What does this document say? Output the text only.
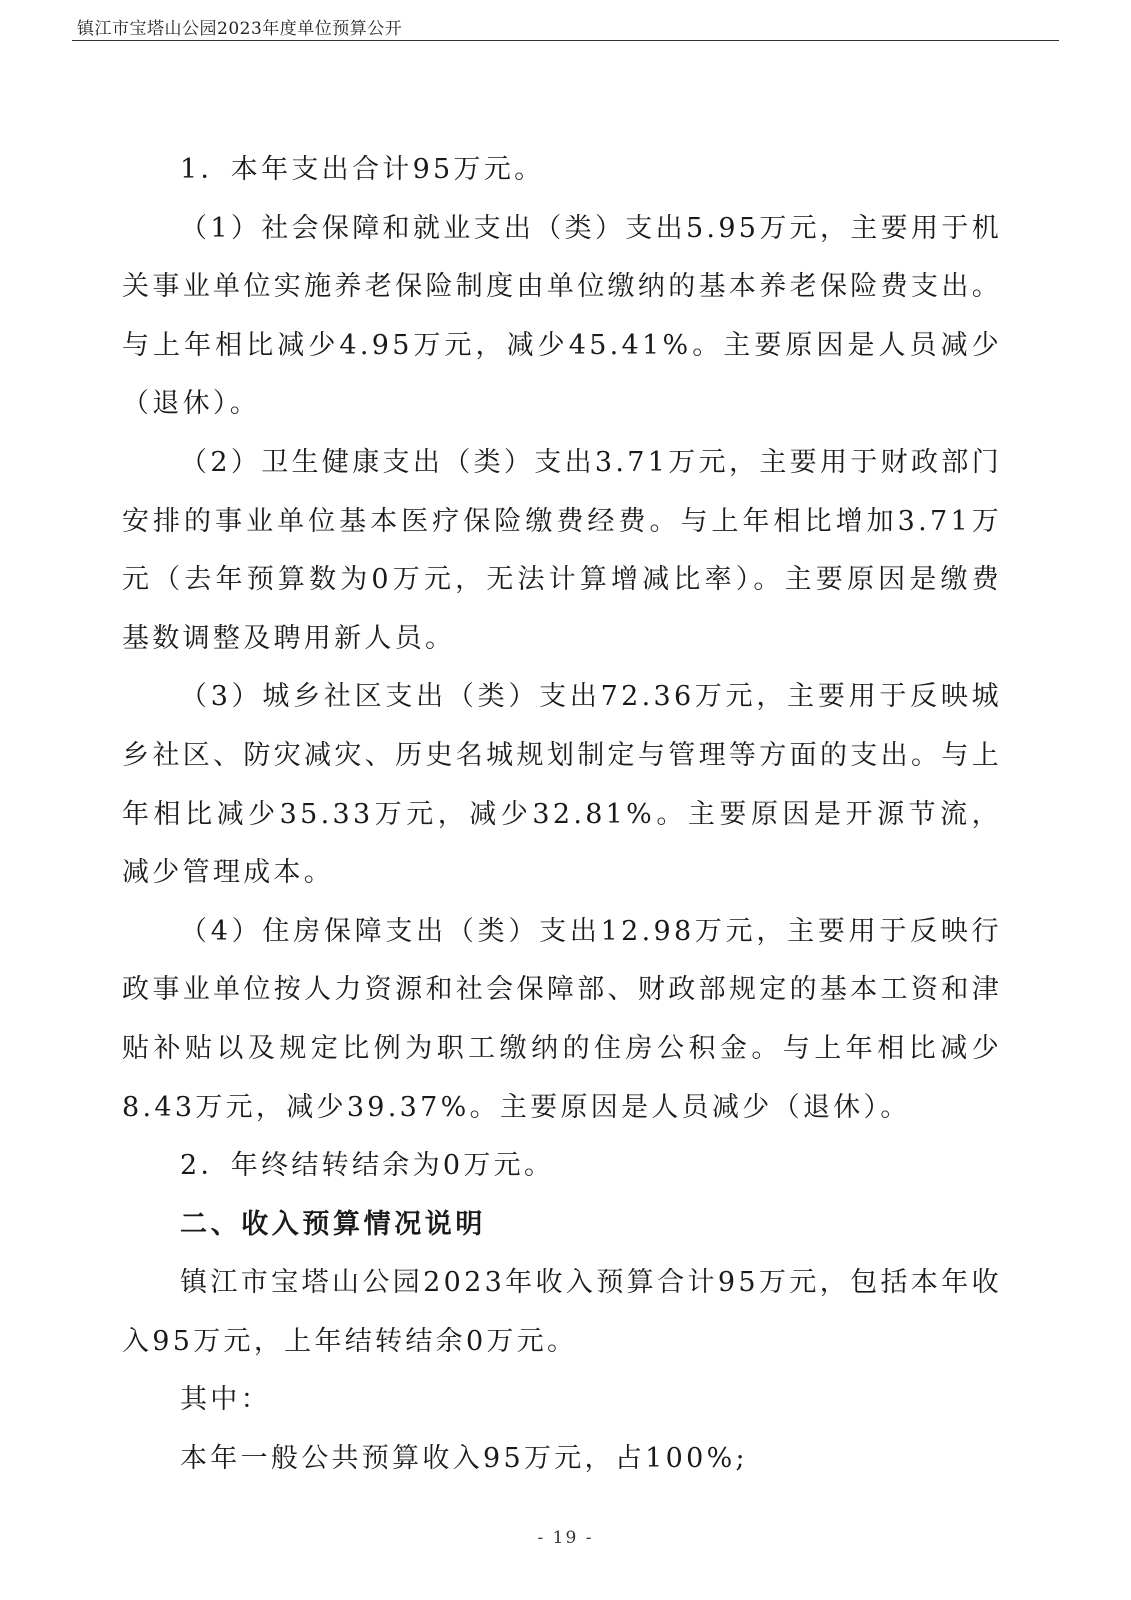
镇江市宝塔山公园2023年度单位预算公开

1．本年支出合计95万元。

（1）社会保障和就业支出（类）支出5.95万元，主要用于机关事业单位实施养老保险制度由单位缴纳的基本养老保险费支出。与上年相比减少4.95万元，减少45.41%。主要原因是人员减少（退休）。

（2）卫生健康支出（类）支出3.71万元，主要用于财政部门安排的事业单位基本医疗保险缴费经费。与上年相比增加3.71万元（去年预算数为0万元，无法计算增减比率）。主要原因是缴费基数调整及聘用新人员。

（3）城乡社区支出（类）支出72.36万元，主要用于反映城乡社区、防灾减灾、历史名城规划制定与管理等方面的支出。与上年相比减少35.33万元，减少32.81%。主要原因是开源节流，减少管理成本。

（4）住房保障支出（类）支出12.98万元，主要用于反映行政事业单位按人力资源和社会保障部、财政部规定的基本工资和津贴补贴以及规定比例为职工缴纳的住房公积金。与上年相比减少8.43万元，减少39.37%。主要原因是人员减少（退休）。

2．年终结转结余为0万元。

二、收入预算情况说明

镇江市宝塔山公园2023年收入预算合计95万元，包括本年收入95万元，上年结转结余0万元。

其中：

本年一般公共预算收入95万元，占100%;

- 19 -
